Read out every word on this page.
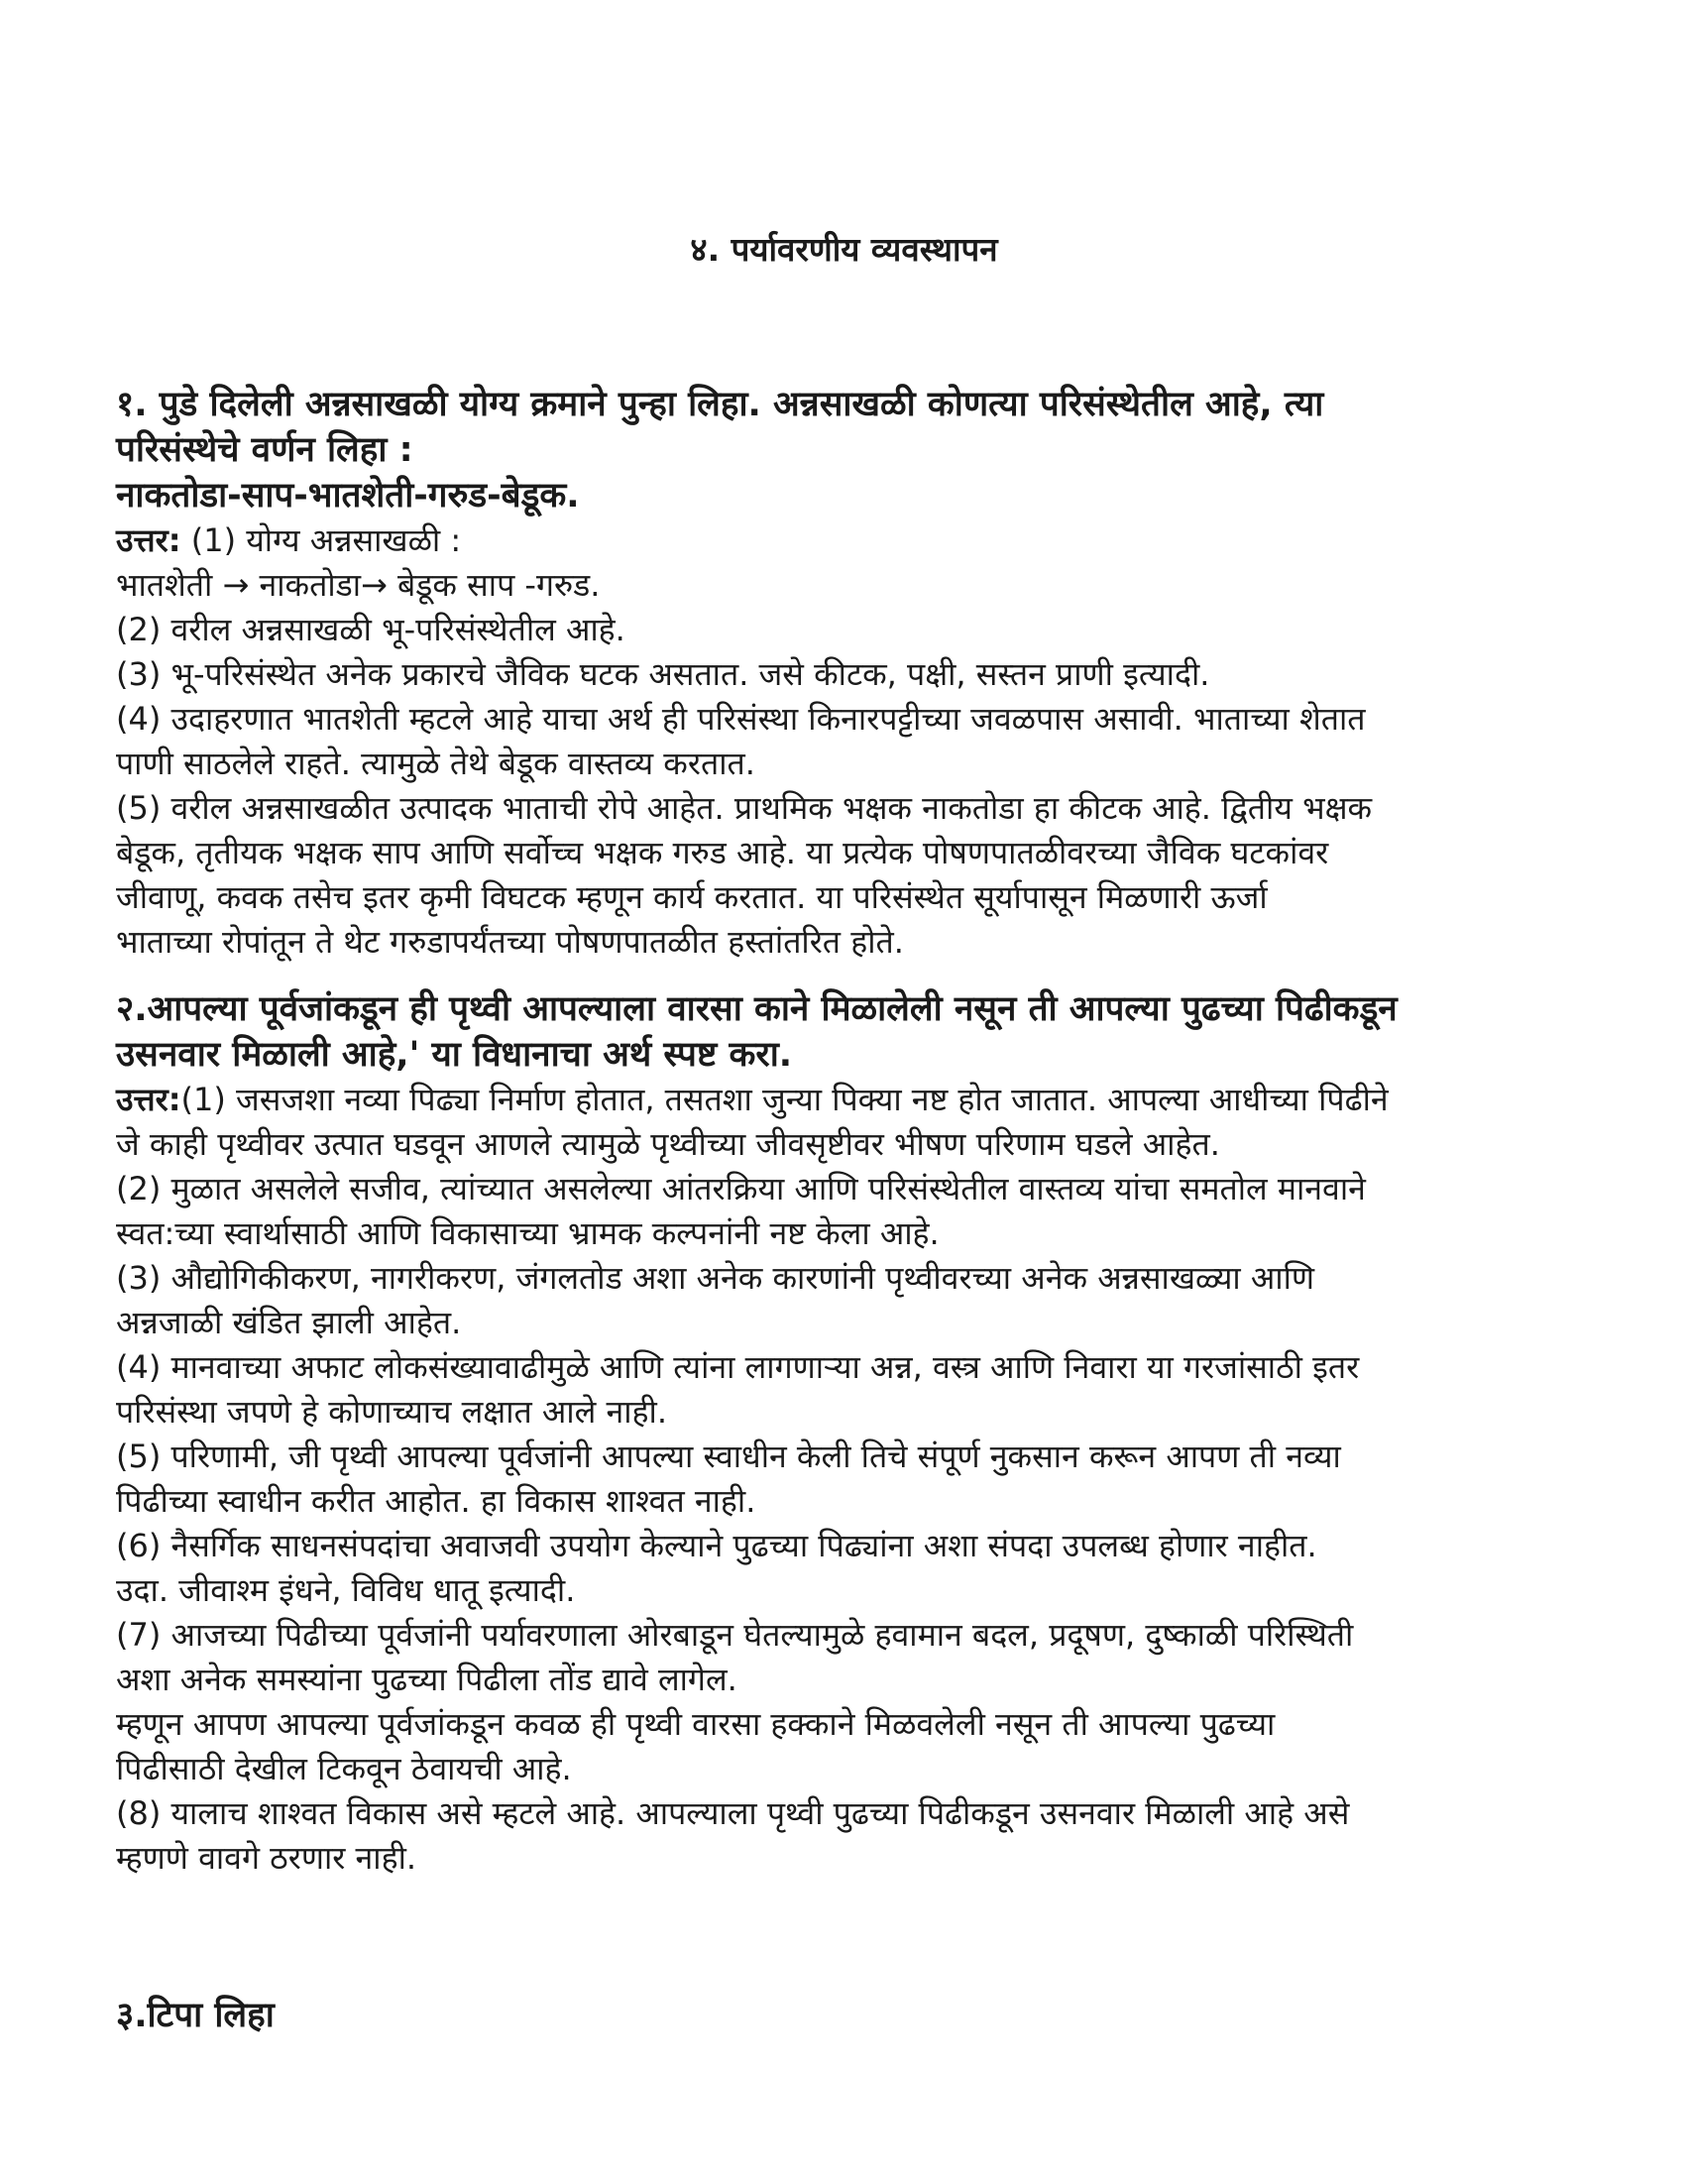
४. पर्यावरणीय व्यवस्थापन

१. पुडे दिलेली अन्नसाखळी योग्य क्रमाने पुन्हा लिहा. अन्नसाखळी कोणत्या परिसंस्थेतील आहे, त्या

परिसंस्थेचे वर्णन लिहा :

नाकतोडा-साप-भातशेती-गरुड-बेडूक.

उत्तर: (1) योग्य अन्नसाखळी :

भातशेती → नाकतोडा→ बेडूक साप -गरुड.

(2) वरील अन्नसाखळी भू-परिसंस्थेतील आहे.

(3) भू-परिसंस्थेत अनेक प्रकारचे जैविक घटक असतात. जसे कीटक, पक्षी, सस्तन प्राणी इत्यादी.

(4) उदाहरणात भातशेती म्हटले आहे याचा अर्थ ही परिसंस्था किनारपट्टीच्या जवळपास असावी. भाताच्या शेतात

पाणी साठलेले राहते. त्यामुळे तेथे बेडूक वास्तव्य करतात.

(5) वरील अन्नसाखळीत उत्पादक भाताची रोपे आहेत. प्राथमिक भक्षक नाकतोडा हा कीटक आहे. द्वितीय भक्षक

बेडूक, तृतीयक भक्षक साप आणि सर्वोच्च भक्षक गरुड आहे. या प्रत्येक पोषणपातळीवरच्या जैविक घटकांवर

जीवाणू, कवक तसेच इतर कृमी विघटक म्हणून कार्य करतात. या परिसंस्थेत सूर्यापासून मिळणारी ऊर्जा

भाताच्या रोपांतून ते थेट गरुडापर्यंतच्या पोषणपातळीत हस्तांतरित होते.

२.आपल्या पूर्वजांकडून ही पृथ्वी आपल्याला वारसा काने मिळालेली नसून ती आपल्या पुढच्या पिढीकडून

उसनवार मिळाली आहे,' या विधानाचा अर्थ स्पष्ट करा.

उत्तर:(1) जसजशा नव्या पिढ्या निर्माण होतात, तसतशा जुन्या पिक्या नष्ट होत जातात. आपल्या आधीच्या पिढीने

जे काही पृथ्वीवर उत्पात घडवून आणले त्यामुळे पृथ्वीच्या जीवसृष्टीवर भीषण परिणाम घडले आहेत.

(2) मुळात असलेले सजीव, त्यांच्यात असलेल्या आंतरक्रिया आणि परिसंस्थेतील वास्तव्य यांचा समतोल मानवाने

स्वत:च्या स्वार्थासाठी आणि विकासाच्या भ्रामक कल्पनांनी नष्ट केला आहे.

(3) औद्योगिकीकरण, नागरीकरण, जंगलतोड अशा अनेक कारणांनी पृथ्वीवरच्या अनेक अन्नसाखळ्या आणि

अन्नजाळी खंडित झाली आहेत.

(4) मानवाच्या अफाट लोकसंख्यावाढीमुळे आणि त्यांना लागणाऱ्या अन्न, वस्त्र आणि निवारा या गरजांसाठी इतर

परिसंस्था जपणे हे कोणाच्याच लक्षात आले नाही.

(5) परिणामी, जी पृथ्वी आपल्या पूर्वजांनी आपल्या स्वाधीन केली तिचे संपूर्ण नुकसान करून आपण ती नव्या

पिढीच्या स्वाधीन करीत आहोत. हा विकास शाश्वत नाही.

(6) नैसर्गिक साधनसंपदांचा अवाजवी उपयोग केल्याने पुढच्या पिढ्यांना अशा संपदा उपलब्ध होणार नाहीत.

उदा. जीवाश्म इंधने, विविध धातू इत्यादी.

(7) आजच्या पिढीच्या पूर्वजांनी पर्यावरणाला ओरबाडून घेतल्यामुळे हवामान बदल, प्रदूषण, दुष्काळी परिस्थिती

अशा अनेक समस्यांना पुढच्या पिढीला तोंड द्यावे लागेल.

म्हणून आपण आपल्या पूर्वजांकडून कवळ ही पृथ्वी वारसा हक्काने मिळवलेली नसून ती आपल्या पुढच्या

पिढीसाठी देखील टिकवून ठेवायची आहे.

(8) यालाच शाश्वत विकास असे म्हटले आहे. आपल्याला पृथ्वी पुढच्या पिढीकडून उसनवार मिळाली आहे असे

म्हणणे वावगे ठरणार नाही.

३.टिपा लिहा
